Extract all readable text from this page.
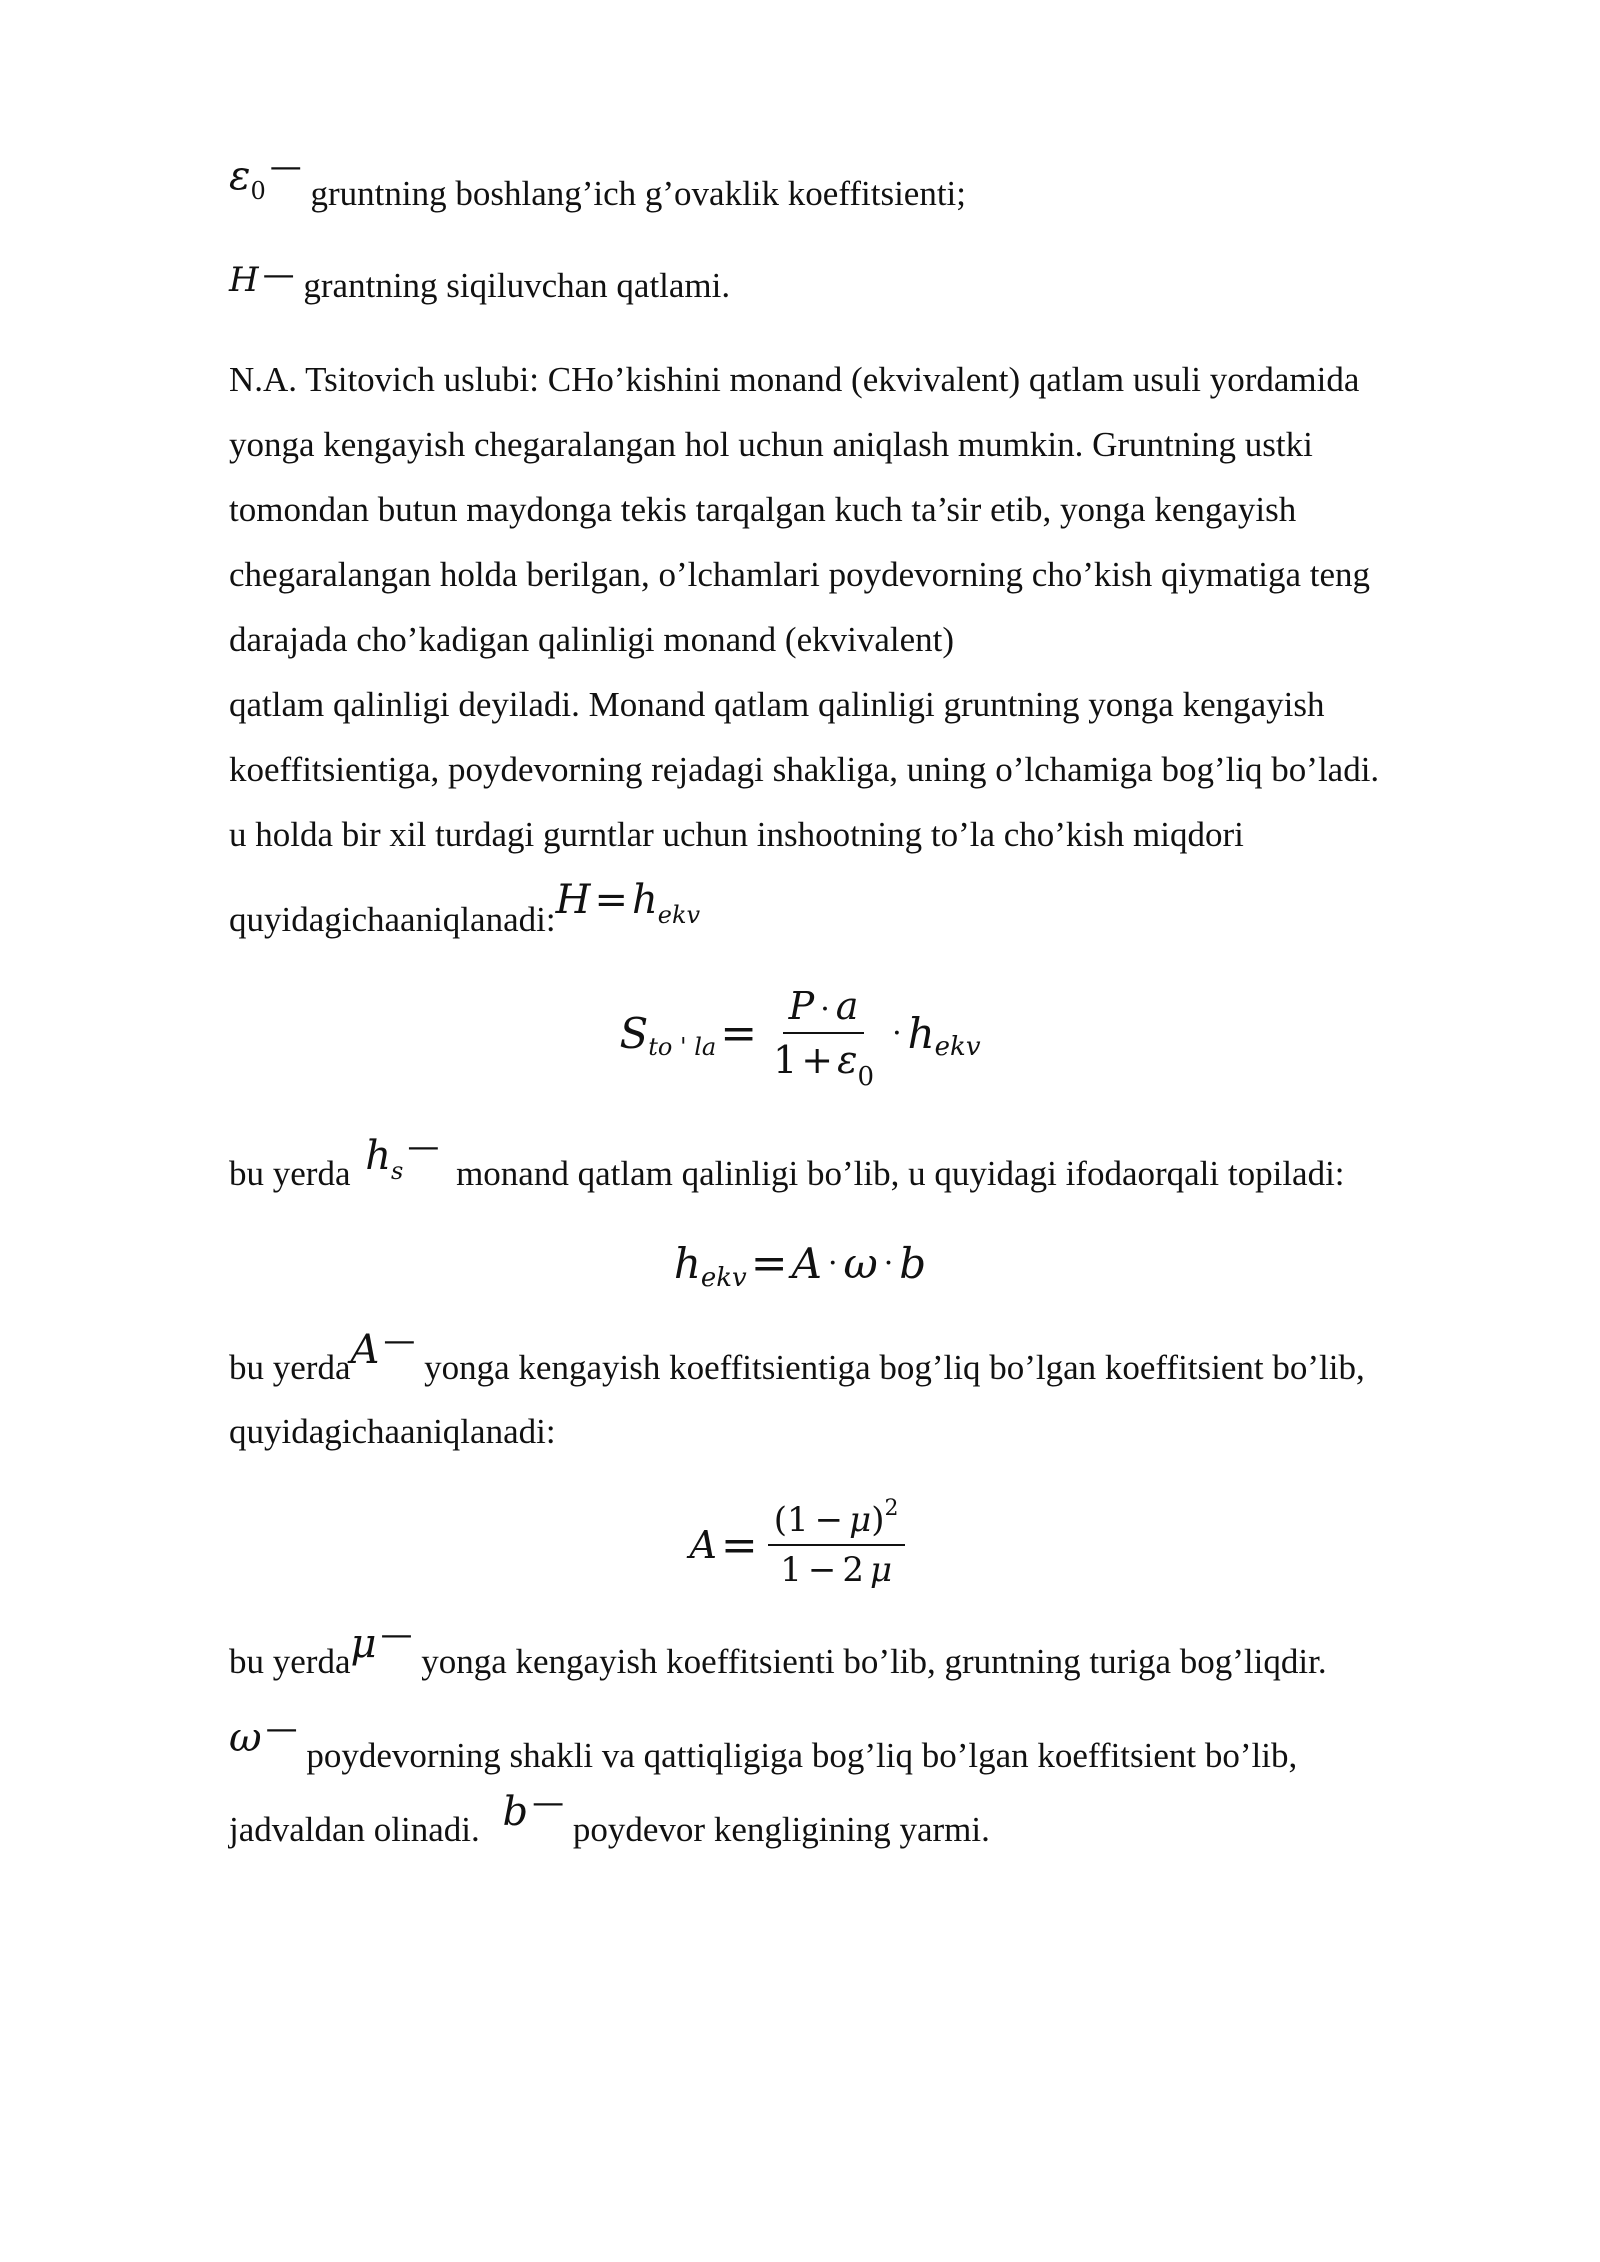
$\varepsilon_0—$ gruntning boshlang’ich g’ovaklik koeffitsienti;
H — grantning siqiluvchan qatlami.
N.A. Tsitovich uslubi: CHo’kishini monand (ekvivalent) qatlam usuli yordamida
yonga kengayish chegaralangan hol uchun aniqlash mumkin. Gruntning ustki
tomondan butun maydonga tekis tarqalgan kuch ta’sir etib, yonga kengayish
chegaralangan holda berilgan, o’lchamlari poydevorning cho’kish qiymatiga teng
darajada cho’kadigan qalinligi monand (ekvivalent)
qatlam qalinligi deyiladi. Monand qatlam qalinligi gruntning yonga kengayish
koeffitsientiga, poydevorning rejadagi shakliga, uning o’lchamiga bog’liq bo’ladi.
u holda bir xil turdagi gurntlar uchun inshootning to’la cho’kish miqdori
quyidagichaaniqlanadi:H = $h_{ekv}$
S to ' la = $\frac{P \cdot a}{1 + \varepsilon_0} \cdot h$ ekv
bu yerda $h_s—$ monand qatlam qalinligi bo’lib, u quyidagi ifodaorqali topiladi:
h ekv = A · ω · b
bu yerdaA — yonga kengayish koeffitsientiga bog’liq bo’lgan koeffitsient bo’lib,
quyidagichaaniqlanadi:
$A = \frac{(1 - \mu)^2}{1 - 2 \mu}$
bu yerdaμ — yonga kengayish koeffitsienti bo’lib, gruntning turiga bog’liqdir.
ω — poydevorning shakli va qattiqligiga bog’liq bo’lgan koeffitsient bo’lib,
jadvaldan olinadi. b — poydevor kengligining yarmi.
